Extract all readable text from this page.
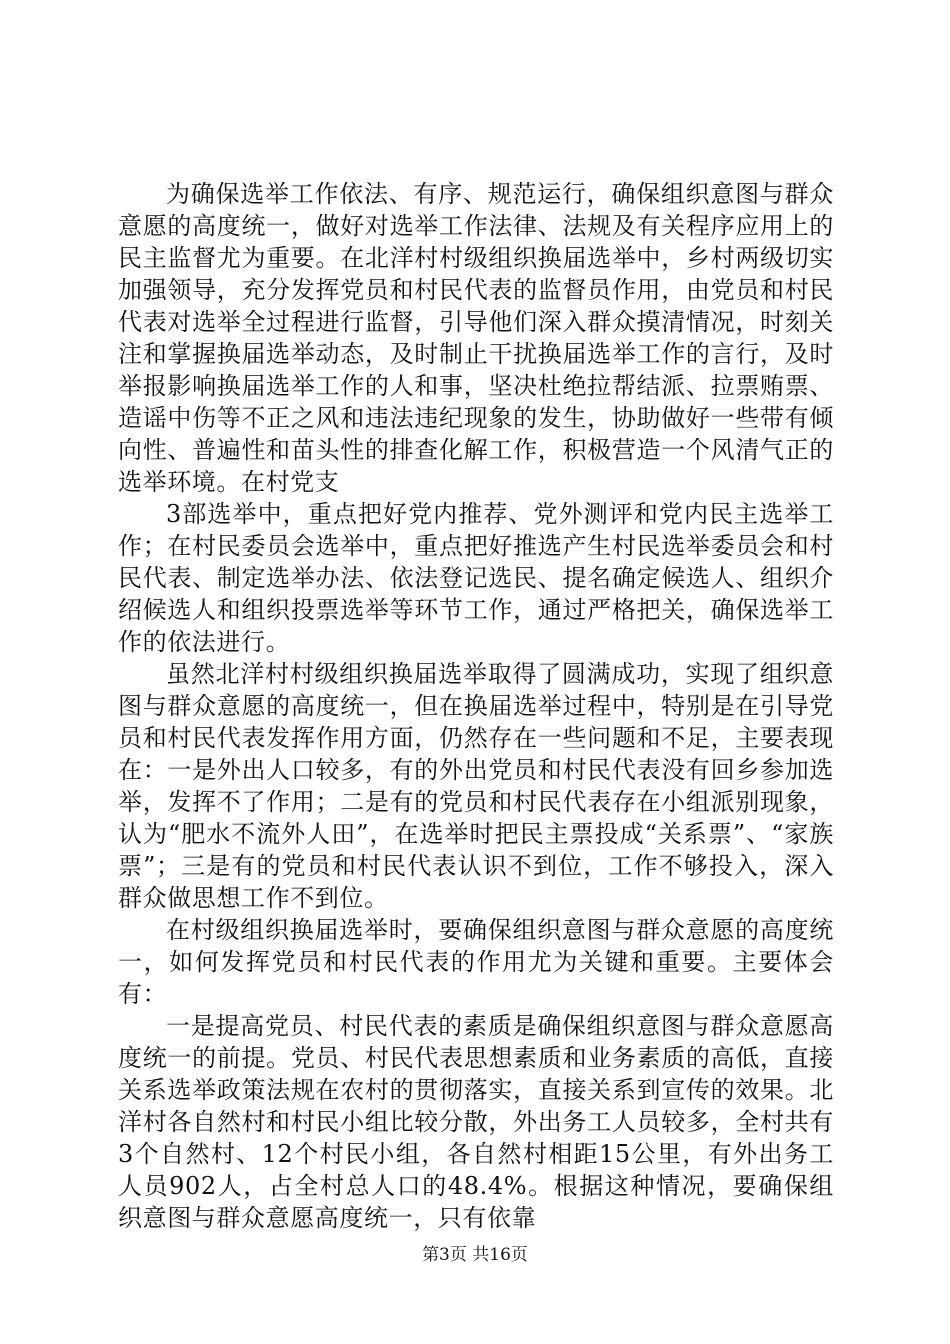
为确保选举工作依法、有序、规范运行，确保组织意图与群众意愿的高度统一，做好对选举工作法律、法规及有关程序应用上的民主监督尤为重要。在北洋村村级组织换届选举中，乡村两级切实加强领导，充分发挥党员和村民代表的监督员作用，由党员和村民代表对选举全过程进行监督，引导他们深入群众摸清情况，时刻关注和掌握换届选举动态，及时制止干扰换届选举工作的言行，及时举报影响换届选举工作的人和事，坚决杜绝拉帮结派、拉票贿票、造谣中伤等不正之风和违法违纪现象的发生，协助做好一些带有倾向性、普遍性和苗头性的排查化解工作，积极营造一个风清气正的选举环境。在村党支

3部选举中，重点把好党内推荐、党外测评和党内民主选举工作；在村民委员会选举中，重点把好推选产生村民选举委员会和村民代表、制定选举办法、依法登记选民、提名确定候选人、组织介绍候选人和组织投票选举等环节工作，通过严格把关，确保选举工作的依法进行。

虽然北洋村村级组织换届选举取得了圆满成功，实现了组织意图与群众意愿的高度统一，但在换届选举过程中，特别是在引导党员和村民代表发挥作用方面，仍然存在一些问题和不足，主要表现在：一是外出人口较多，有的外出党员和村民代表没有回乡参加选举，发挥不了作用；二是有的党员和村民代表存在小组派别现象，认为“肥水不流外人田”，在选举时把民主票投成“关系票”、“家族票”；三是有的党员和村民代表认识不到位，工作不够投入，深入群众做思想工作不到位。

在村级组织换届选举时，要确保组织意图与群众意愿的高度统一，如何发挥党员和村民代表的作用尤为关键和重要。主要体会有：

一是提高党员、村民代表的素质是确保组织意图与群众意愿高度统一的前提。党员、村民代表思想素质和业务素质的高低，直接关系选举政策法规在农村的贯彻落实，直接关系到宣传的效果。北洋村各自然村和村民小组比较分散，外出务工人员较多，全村共有3个自然村、12个村民小组，各自然村相距15公里，有外出务工人员902人，占全村总人口的48.4%。根据这种情况，要确保组织意图与群众意愿高度统一，只有依靠

第3页 共16页
